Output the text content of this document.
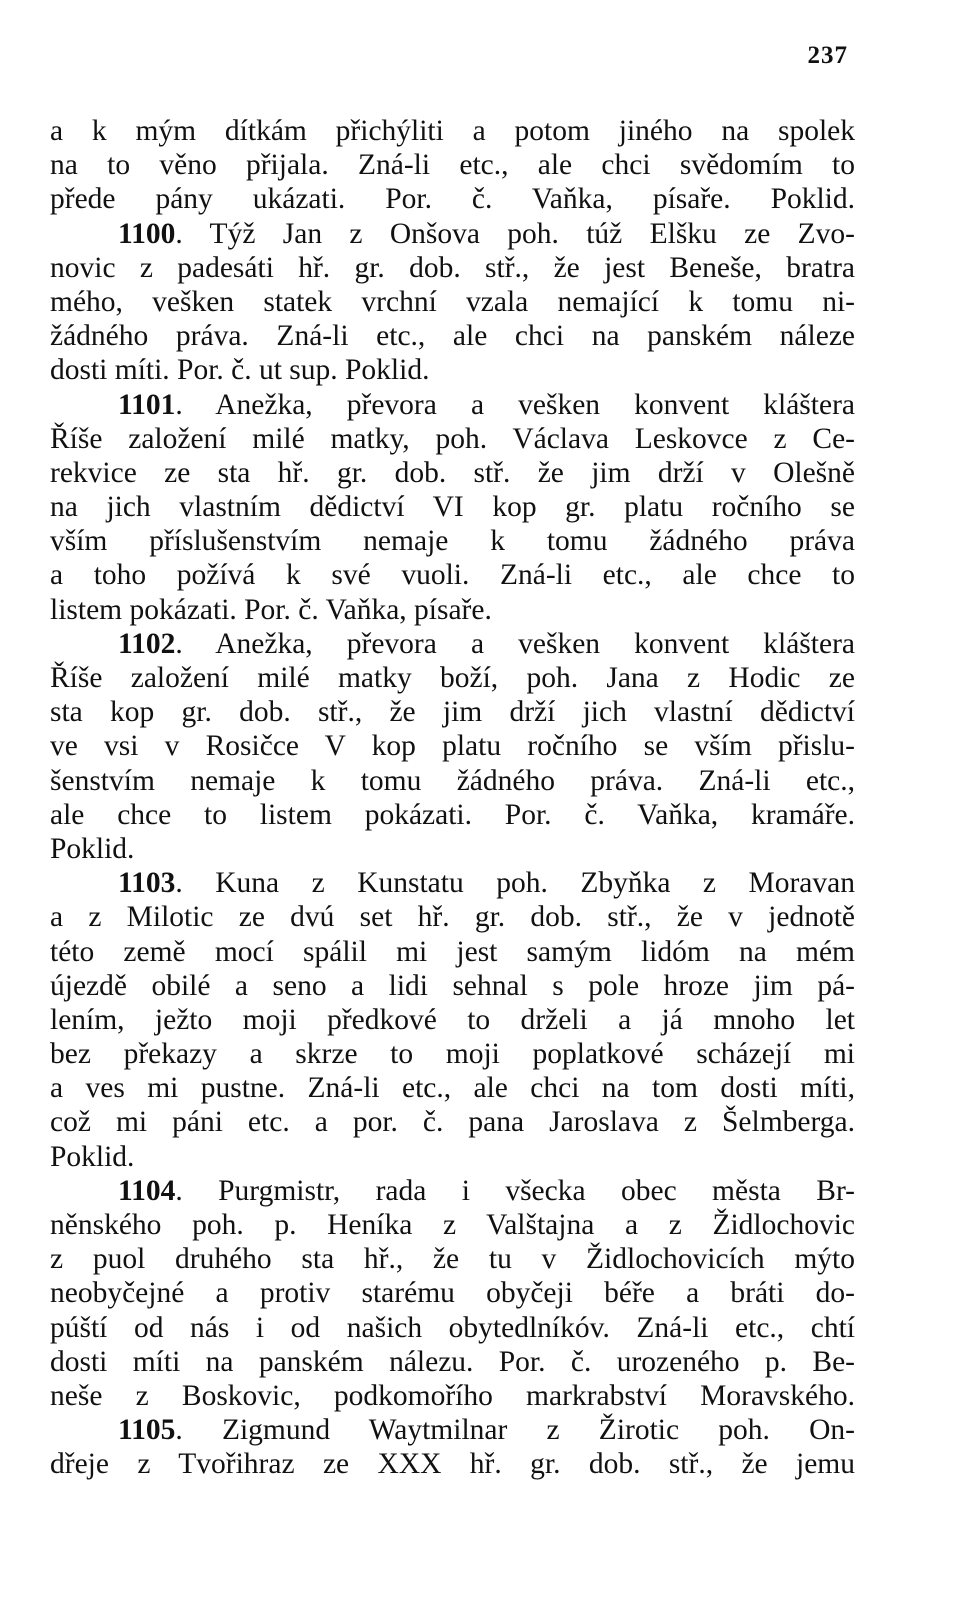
237
a k mým dítkám přichýliti a potom jiného na spolek
na to věno přijala. Zná-li etc., ale chci svědomím to
přede pány ukázati. Por. č. Vaňka, písaře. Poklid.
1100. Týž Jan z Onšova poh. túž Elšku ze Zvo-
novic z padesáti hř. gr. dob. stř., že jest Beneše, bratra
mého, vešken statek vrchní vzala nemající k tomu ni-
žádného práva. Zná-li etc., ale chci na panském náleze
dosti míti. Por. č. ut sup. Poklid.
1101. Anežka, převora a vešken konvent kláštera
Říše založení milé matky, poh. Václava Leskovce z Ce-
rekvice ze sta hř. gr. dob. stř. že jim drží v Olešně
na jich vlastním dědictví VI kop gr. platu ročního se
vším příslušenstvím nemaje k tomu žádného práva
a toho požívá k své vuoli. Zná-li etc., ale chce to
listem pokázati. Por. č. Vaňka, písaře.
1102. Anežka, převora a vešken konvent kláštera
Říše založení milé matky boží, poh. Jana z Hodic ze
sta kop gr. dob. stř., že jim drží jich vlastní dědictví
ve vsi v Rosičce V kop platu ročního se vším přislu-
šenstvím nemaje k tomu žádného práva. Zná-li etc.,
ale chce to listem pokázati. Por. č. Vaňka, kramáře.
Poklid.
1103. Kuna z Kunstatu poh. Zbyňka z Moravan
a z Milotic ze dvú set hř. gr. dob. stř., že v jednotě
této země mocí spálil mi jest samým lidóm na mém
újezdě obilé a seno a lidi sehnal s pole hroze jim pá-
lením, ježto moji předkové to drželi a já mnoho let
bez překazy a skrze to moji poplatkové scházejí mi
a ves mi pustne. Zná-li etc., ale chci na tom dosti míti,
což mi páni etc. a por. č. pana Jaroslava z Šelmberga.
Poklid.
1104. Purgmistr, rada i všecka obec města Br-
něnského poh. p. Heníka z Valštajna a z Židlochovic
z puol druhého sta hř., že tu v Židlochovicích mýto
neobyčejné a protiv starému obyčeji béře a bráti do-
púští od nás i od našich obytedlníkóv. Zná-li etc., chtí
dosti míti na panském nálezu. Por. č. urozeného p. Be-
neše z Boskovic, podkomořího markrabství Moravského.
1105. Zigmund Waytmilnar z Žirotic poh. On-
dřeje z Tvořihraz ze XXX hř. gr. dob. stř., že jemu
